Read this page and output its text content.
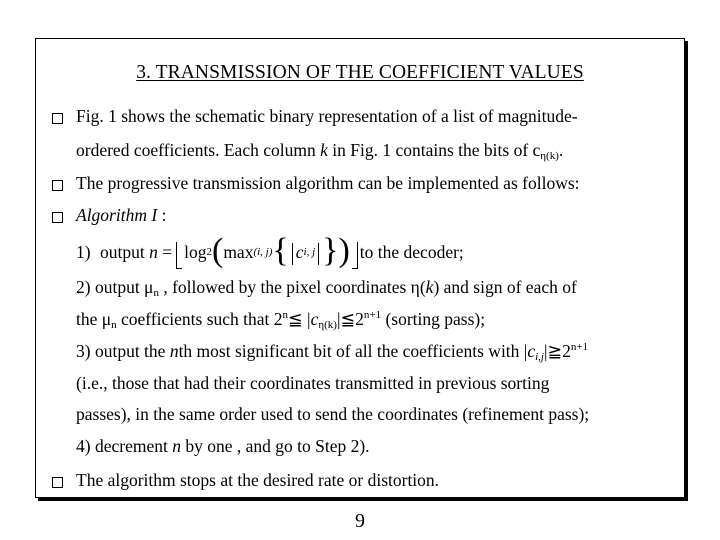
3. TRANSMISSION OF THE COEFFICIENT VALUES
Fig. 1 shows the schematic binary representation of a list of magnitude-
ordered coefficients. Each column k in Fig. 1 contains the bits of $c_{\eta(k)}$.
The progressive transmission algorithm can be implemented as follows:
Algorithm I :
1) output
n
= log 2 ( max (i, j) { c i, j } ) to the decoder;
2) output $\mu_n$ , followed by the pixel coordinates η(k) and sign of each of
the $\mu_n$ coefficients such that 2$^n$≦ $|c_{\eta(k)}|≦2^{n+1}$ (sorting pass);
3) output the nth most significant bit of all the coefficients with $|c_{i,j}|≧2^{n+1}$
(i.e., those that had their coordinates transmitted in previous sorting
passes), in the same order used to send the coordinates (refinement pass);
4) decrement n by one , and go to Step 2).
The algorithm stops at the desired rate or distortion.
9
